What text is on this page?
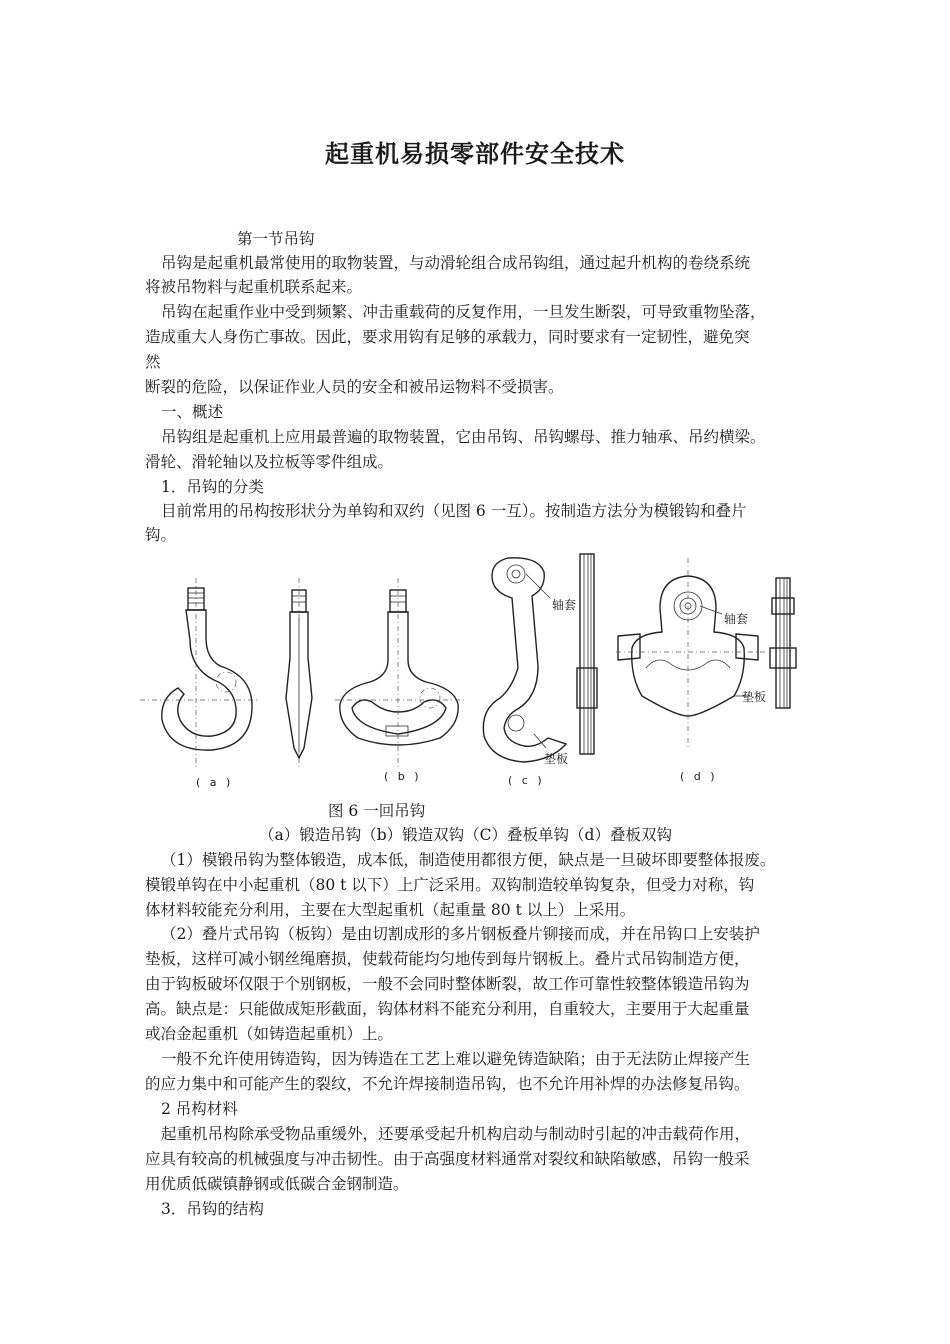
起重机易损零部件安全技术
第一节吊钩
吊钩是起重机最常使用的取物装置，与动滑轮组合成吊钩组，通过起升机构的卷绕系统
将被吊物料与起重机联系起来。
吊钩在起重作业中受到频繁、冲击重载荷的反复作用，一旦发生断裂，可导致重物坠落，
造成重大人身伤亡事故。因此，要求用钩有足够的承载力，同时要求有一定韧性，避免突
然
断裂的危险，以保证作业人员的安全和被吊运物料不受损害。
一、概述
吊钩组是起重机上应用最普遍的取物装置，它由吊钩、吊钩螺母、推力轴承、吊约横梁。
滑轮、滑轮轴以及拉板等零件组成。
1．吊钩的分类
目前常用的吊构按形状分为单钩和双约（见图 6 一互）。按制造方法分为模锻钩和叠片
钩。
轴套
垫板
轴套
垫板
( a )	( b )	( c )	( d )
图 6 一回吊钩
（a）锻造吊钩（b）锻造双钩（C）叠板单钩（d）叠板双钩
（1）模锻吊钩为整体锻造，成本低，制造使用都很方便，缺点是一旦破坏即要整体报废。
模锻单钩在中小起重机（80 t 以下）上广泛采用。双钩制造较单钩复杂，但受力对称，钩
体材料较能充分利用，主要在大型起重机（起重量 80 t 以上）上采用。
（2）叠片式吊钩（板钩）是由切割成形的多片钢板叠片铆接而成，并在吊钩口上安装护
垫板，这样可减小钢丝绳磨损，使载荷能均匀地传到每片钢板上。叠片式吊钩制造方便，
由于钩板破坏仅限于个别钢板，一般不会同时整体断裂，故工作可靠性较整体锻造吊钩为
高。缺点是：只能做成矩形截面，钩体材料不能充分利用，自重较大，主要用于大起重量
或冶金起重机（如铸造起重机）上。
一般不允许使用铸造钩，因为铸造在工艺上难以避免铸造缺陷；由于无法防止焊接产生
的应力集中和可能产生的裂纹，不允许焊接制造吊钩，也不允许用补焊的办法修复吊钩。
2 吊构材料
起重机吊构除承受物品重缓外，还要承受起升机构启动与制动时引起的冲击载荷作用，
应具有较高的机械强度与冲击韧性。由于高强度材料通常对裂纹和缺陷敏感，吊钩一般采
用优质低碳镇静钢或低碳合金钢制造。
3．吊钩的结构
